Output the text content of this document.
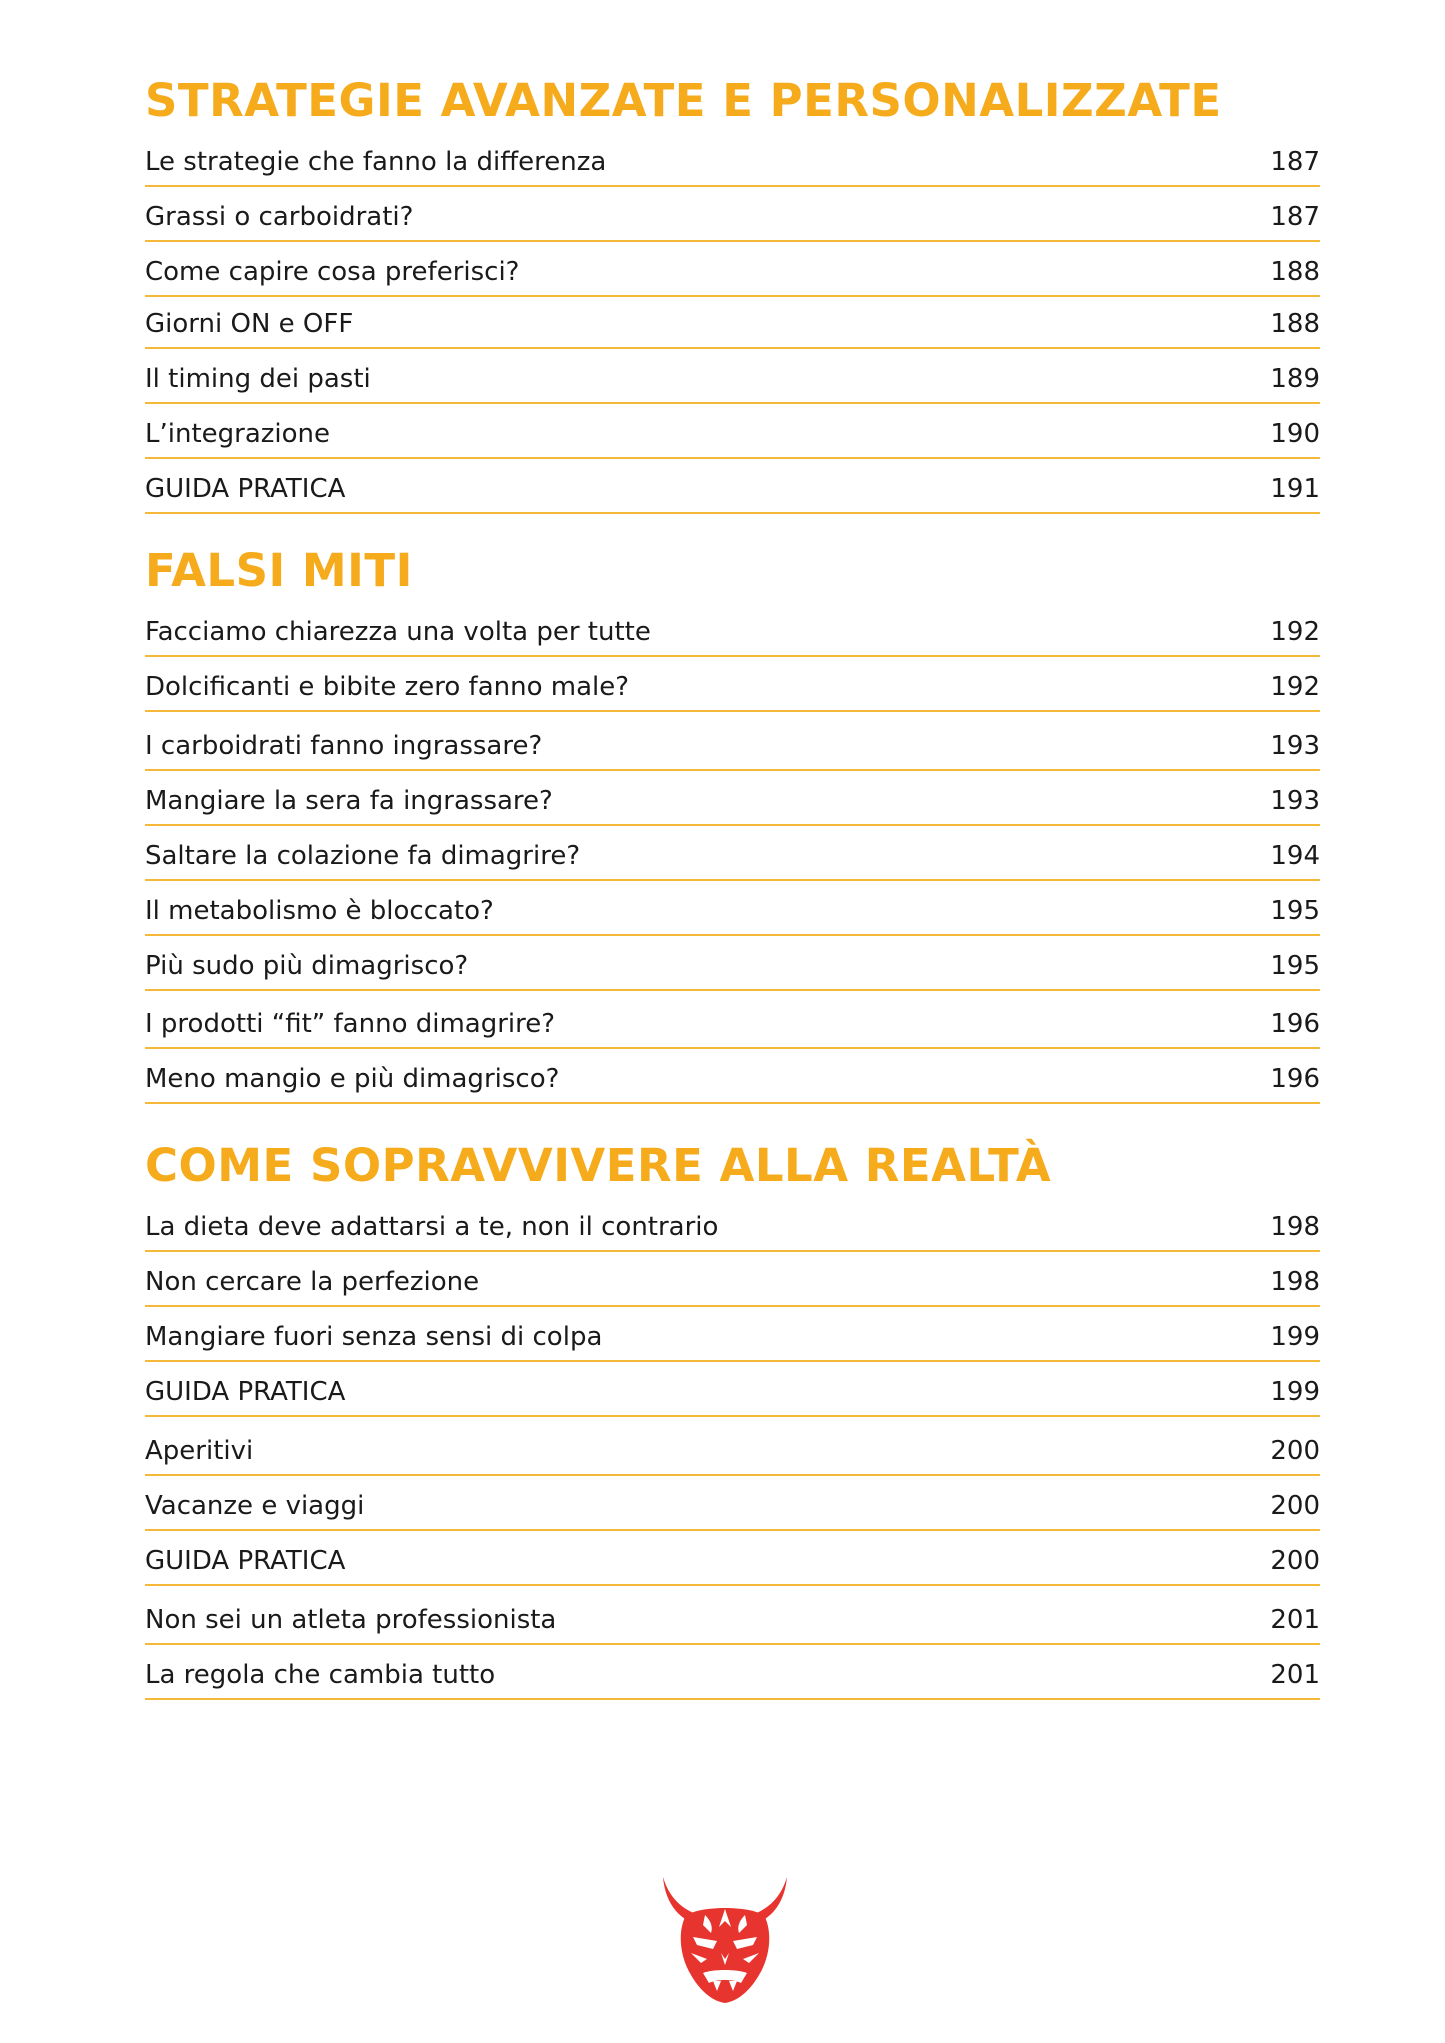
STRATEGIE AVANZATE E PERSONALIZZATE
Le strategie che fanno la differenza	187
Grassi o carboidrati?	187
Come capire cosa preferisci?	188
Giorni ON e OFF	188
Il timing dei pasti	189
L’integrazione	190
GUIDA PRATICA	191
FALSI MITI
Facciamo chiarezza una volta per tutte	192
Dolcificanti e bibite zero fanno male?	192
I carboidrati fanno ingrassare?	193
Mangiare la sera fa ingrassare?	193
Saltare la colazione fa dimagrire?	194
Il metabolismo è bloccato?	195
Più sudo più dimagrisco?	195
I prodotti “fit” fanno dimagrire?	196
Meno mangio e più dimagrisco?	196
COME SOPRAVVIVERE ALLA REALTÀ
La dieta deve adattarsi a te, non il contrario	198
Non cercare la perfezione	198
Mangiare fuori senza sensi di colpa	199
GUIDA PRATICA	199
Aperitivi	200
Vacanze e viaggi	200
GUIDA PRATICA	200
Non sei un atleta professionista	201
La regola che cambia tutto	201
